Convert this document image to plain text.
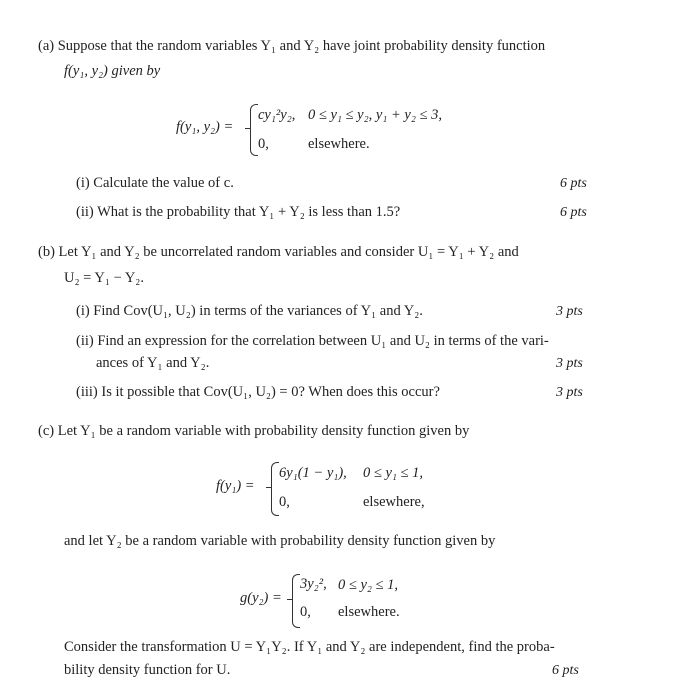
(a) Suppose that the random variables Y₁ and Y₂ have joint probability density function
f(y₁, y₂) given by
f(y₁, y₂) =
cy₁²y₂, 0 ≤ y₁ ≤ y₂, y₁ + y₂ ≤ 3,
0,	elsewhere.
(i) Calculate the value of c.	6 pts
(ii) What is the probability that Y₁ + Y₂ is less than 1.5?	6 pts
(b) Let Y₁ and Y₂ be uncorrelated random variables and consider U₁ = Y₁ + Y₂ and
U₂ = Y₁ − Y₂.
(i) Find Cov(U₁, U₂) in terms of the variances of Y₁ and Y₂.	3 pts
(ii) Find an expression for the correlation between U₁ and U₂ in terms of the vari-
ances of Y₁ and Y₂.	3 pts
(iii) Is it possible that Cov(U₁, U₂) = 0? When does this occur?	3 pts
(c) Let Y₁ be a random variable with probability density function given by
f(y₁) =
6y₁(1 − y₁), 0 ≤ y₁ ≤ 1,
0,	elsewhere,
and let Y₂ be a random variable with probability density function given by
g(y₂) =
3y₂², 0 ≤ y₂ ≤ 1,
0, elsewhere.
Consider the transformation U = Y₁Y₂. If Y₁ and Y₂ are independent, find the proba-
bility density function for U.	6 pts
